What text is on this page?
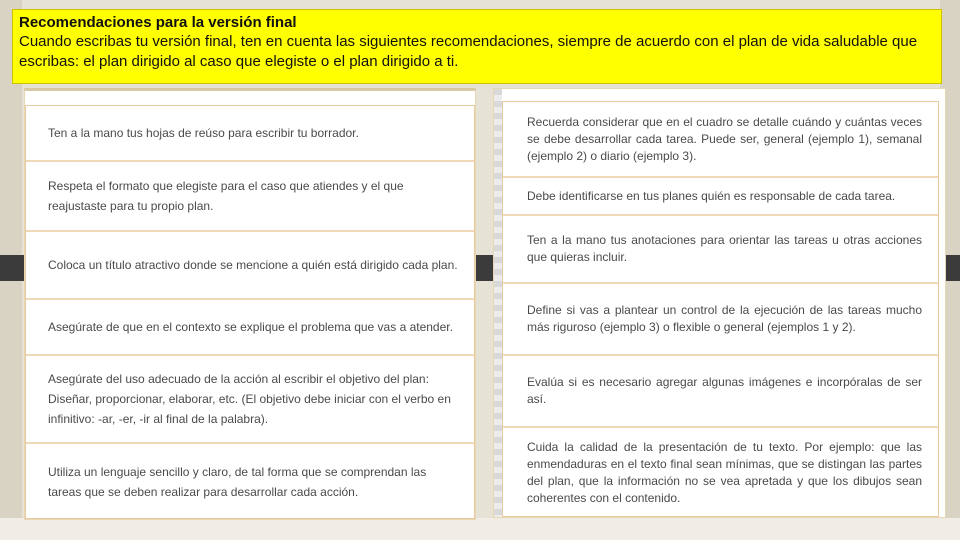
Recomendaciones para la versión final
Cuando escribas tu versión final, ten en cuenta las siguientes recomendaciones, siempre de acuerdo con el plan de vida saludable que escribas: el plan dirigido al caso que elegiste o el plan dirigido a ti.
Ten a la mano tus hojas de reúso para escribir tu borrador.
Respeta el formato que elegiste para el caso que atiendes y el que reajustaste para tu propio plan.
Coloca un título atractivo donde se mencione a quién está dirigido cada plan.
Asegúrate de que en el contexto se explique el problema que vas a atender.
Asegúrate del uso adecuado de la acción al escribir el objetivo del plan: Diseñar, proporcionar, elaborar, etc. (El objetivo debe iniciar con el verbo en infinitivo: -ar, -er, -ir al final de la palabra).
Utiliza un lenguaje sencillo y claro, de tal forma que se comprendan las tareas que se deben realizar para desarrollar cada acción.
Recuerda considerar que en el cuadro se detalle cuándo y cuántas veces se debe desarrollar cada tarea. Puede ser, general (ejemplo 1), semanal (ejemplo 2) o diario (ejemplo 3).
Debe identificarse en tus planes quién es responsable de cada tarea.
Ten a la mano tus anotaciones para orientar las tareas u otras acciones que quieras incluir.
Define si vas a plantear un control de la ejecución de las tareas mucho más riguroso (ejemplo 3) o flexible o general (ejemplos 1 y 2).
Evalúa si es necesario agregar algunas imágenes e incorpóralas de ser así.
Cuida la calidad de la presentación de tu texto. Por ejemplo: que las enmendaduras en el texto final sean mínimas, que se distingan las partes del plan, que la información no se vea apretada y que los dibujos sean coherentes con el contenido.
